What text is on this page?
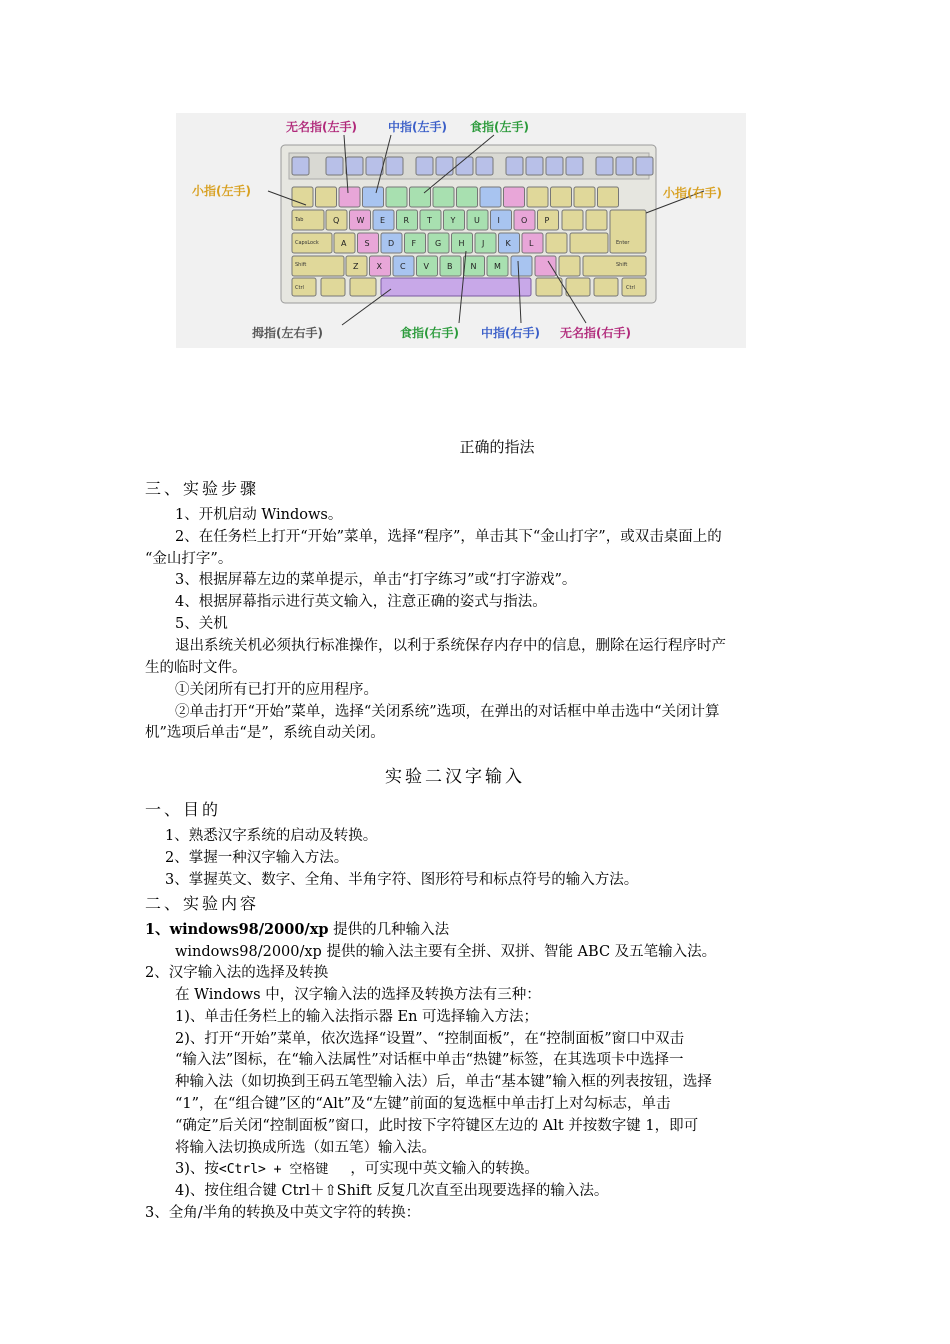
Q W E R T Y U I	O P
A S D F G H J	K L
Z X C V B N M
无名指(左手)	中指(左手) 食指(左手)
小指(左手)	小指(右手)
拇指(左右手)	食指(右手) 中指(右手) 无名指(右手)
Tab
CapsLock
Shift
Ctrl
Enter
Shift
Ctrl
正确的指法
三、实验步骤
1、开机启动 Windows。
2、在任务栏上打开“开始”菜单，选择“程序”，单击其下“金山打字”，或双击桌面上的
“金山打字”。
3、根据屏幕左边的菜单提示，单击“打字练习”或“打字游戏”。
4、根据屏幕指示进行英文输入，注意正确的姿式与指法。
5、关机
退出系统关机必须执行标准操作，以利于系统保存内存中的信息，删除在运行程序时产
生的临时文件。
①关闭所有已打开的应用程序。
②单击打开“开始”菜单，选择“关闭系统”选项，在弹出的对话框中单击选中“关闭计算
机”选项后单击“是”，系统自动关闭。
实验二汉字输入
一、目的
1、熟悉汉字系统的启动及转换。
2、掌握一种汉字输入方法。
3、掌握英文、数字、全角、半角字符、图形符号和标点符号的输入方法。
二、实验内容
1、windows98/2000/xp 提供的几种输入法
windows98/2000/xp 提供的输入法主要有全拼、双拼、智能 ABC 及五笔输入法。
2、汉字输入法的选择及转换
在 Windows 中，汉字输入法的选择及转换方法有三种：
1)、单击任务栏上的输入法指示器 En 可选择输入方法；
2)、打开“开始”菜单，依次选择“设置”、“控制面板”，在“控制面板”窗口中双击
“输入法”图标，在“输入法属性”对话框中单击“热键”标签，在其选项卡中选择一
种输入法（如切换到王码五笔型输入法）后，单击“基本键”输入框的列表按钮，选择
“1”，在“组合键”区的“Alt”及“左键”前面的复选框中单击打上对勾标志，单击
“确定”后关闭“控制面板”窗口，此时按下字符键区左边的 Alt 并按数字键 1，即可
将输入法切换成所选（如五笔）输入法。
3)、按<Ctrl> + 空格键 ，可实现中英文输入的转换。
4)、按住组合键 Ctrl＋⇧Shift 反复几次直至出现要选择的输入法。
3、全角/半角的转换及中英文字符的转换：
